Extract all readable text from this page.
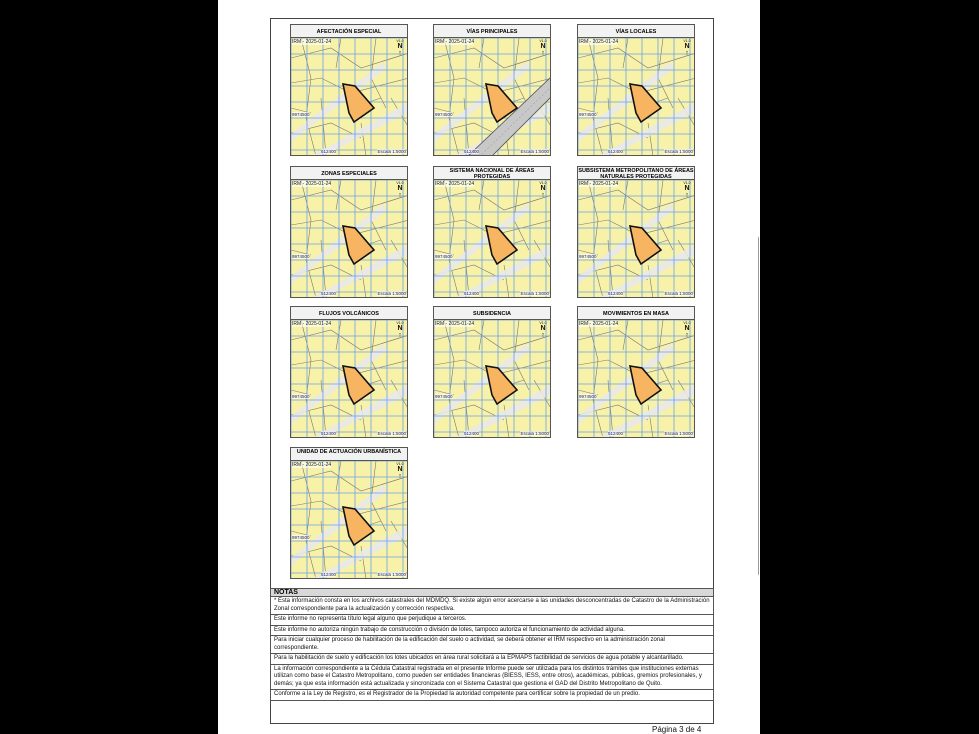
AFECTACIÓN ESPECIAL
IRM - 2025-01-24	V1.0
N
↑
9974500
512400	Escala 1:5000
VÍAS PRINCIPALES
IRM - 2025-01-24	V1.0
N
↑
9974500
512400	Escala 1:5000
VÍAS LOCALES
IRM - 2025-01-24	V1.0
N
↑
9974500
512400	Escala 1:5000
ZONAS ESPECIALES
IRM - 2025-01-24	V1.0
N
↑
9974500
512400	Escala 1:5000
SISTEMA NACIONAL DE ÁREAS PROTEGIDAS
IRM - 2025-01-24	V1.0
N
↑
9974500
512400	Escala 1:5000
SUBSISTEMA METROPOLITANO DE ÁREAS NATURALES PROTEGIDAS
IRM - 2025-01-24	V1.0
N
↑
9974500
512400	Escala 1:5000
FLUJOS VOLCÁNICOS
IRM - 2025-01-24	V1.0
N
↑
9974500
512400	Escala 1:5000
SUBSIDENCIA
IRM - 2025-01-24	V1.0
N
↑
9974500
512400	Escala 1:5000
MOVIMIENTOS EN MASA
IRM - 2025-01-24	V1.0
N
↑
9974500
512400	Escala 1:5000
UNIDAD DE ACTUACIÓN URBANÍSTICA
IRM - 2025-01-24	V1.0
N
↑
9974500
512400	Escala 1:5000
NOTAS
* Esta información consta en los archivos catastrales del MDMDQ. Si existe algún error acercarse a las unidades desconcentradas de Catastro de la Administración Zonal correspondiente para la actualización y corrección respectiva.
Este informe no representa título legal alguno que perjudique a terceros.
Este informe no autoriza ningún trabajo de construcción o división de lotes, tampoco autoriza el funcionamiento de actividad alguna.
Para iniciar cualquier proceso de habilitación de la edificación del suelo o actividad, se deberá obtener el IRM respectivo en la administración zonal correspondiente.
Para la habilitación de suelo y edificación los lotes ubicados en área rural solicitará a la EPMAPS factibilidad de servicios de agua potable y alcantarillado.
La información correspondiente a la Cédula Catastral registrada en el presente Informe puede ser utilizada para los distintos trámites que instituciones externas utilizan como base el Catastro Metropolitano, como pueden ser entidades financieras (BIESS, IESS, entre otros), académicas, públicas, gremios profesionales, y demás; ya que esta información está actualizada y sincronizada con el Sistema Catastral que gestiona el GAD del Distrito Metropolitano de Quito.
Conforme a la Ley de Registro, es el Registrador de la Propiedad la autoridad competente para certificar sobre la propiedad de un predio.
Página 3 de 4
